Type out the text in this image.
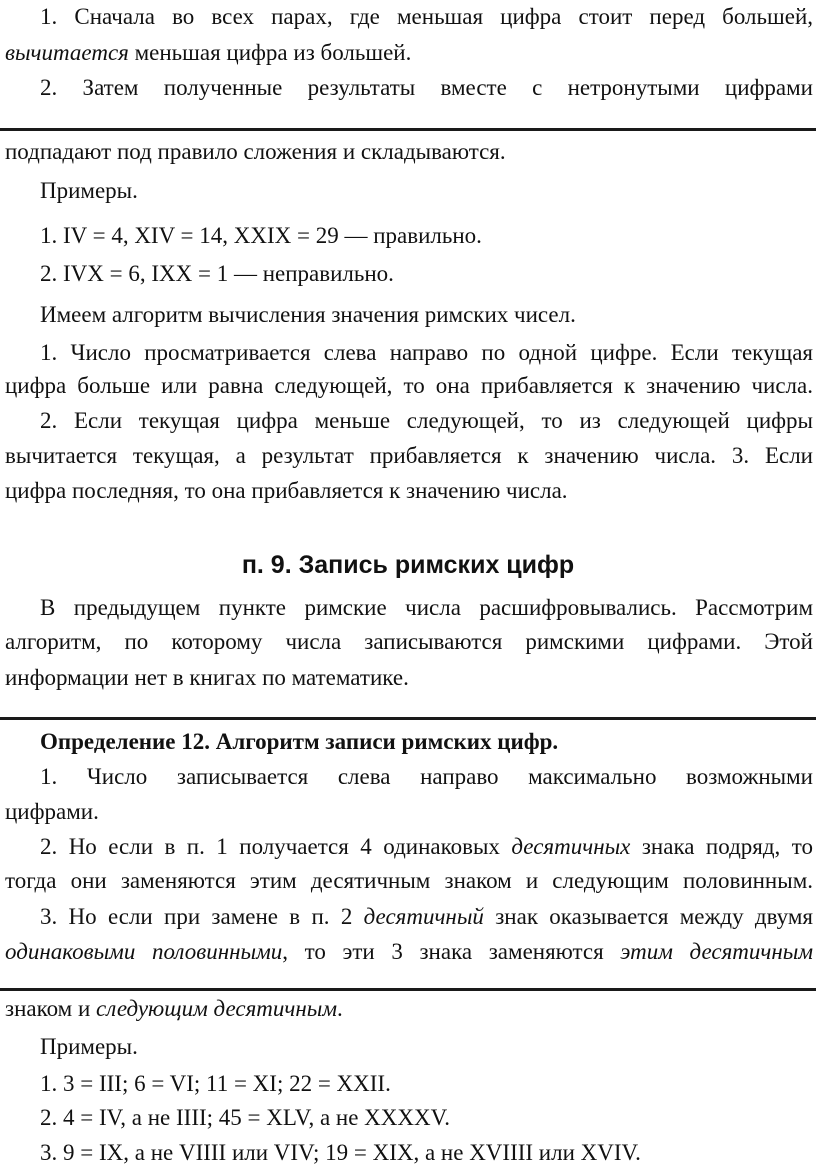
1. Сначала во всех парах, где меньшая цифра стоит перед большей,
вычитается меньшая цифра из большей.
2. Затем полученные результаты вместе с нетронутыми цифрами
подпадают под правило сложения и складываются.
Примеры.
1. IV = 4, XIV = 14, XXIX = 29 — правильно.
2. IVX = 6, IXX = 1 — неправильно.
Имеем алгоритм вычисления значения римских чисел.
1. Число просматривается слева направо по одной цифре. Если текущая
цифра больше или равна следующей, то она прибавляется к значению числа.
2. Если текущая цифра меньше следующей, то из следующей цифры
вычитается текущая, а результат прибавляется к значению числа. 3. Если
цифра последняя, то она прибавляется к значению числа.
п. 9. Запись римских цифр
В предыдущем пункте римские числа расшифровывались. Рассмотрим
алгоритм, по которому числа записываются римскими цифрами. Этой
информации нет в книгах по математике.
Определение 12. Алгоритм записи римских цифр.
1. Число записывается слева направо максимально возможными
цифрами.
2. Но если в п. 1 получается 4 одинаковых десятичных знака подряд, то
тогда они заменяются этим десятичным знаком и следующим половинным.
3. Но если при замене в п. 2 десятичный знак оказывается между двумя
одинаковыми половинными, то эти 3 знака заменяются этим десятичным
знаком и следующим десятичным.
Примеры.
1. 3 = III; 6 = VI; 11 = XI; 22 = XXII.
2. 4 = IV, а не IIII; 45 = XLV, а не XXXXV.
3. 9 = IX, а не VIIII или VIV; 19 = XIX, а не XVIIII или XVIV.
